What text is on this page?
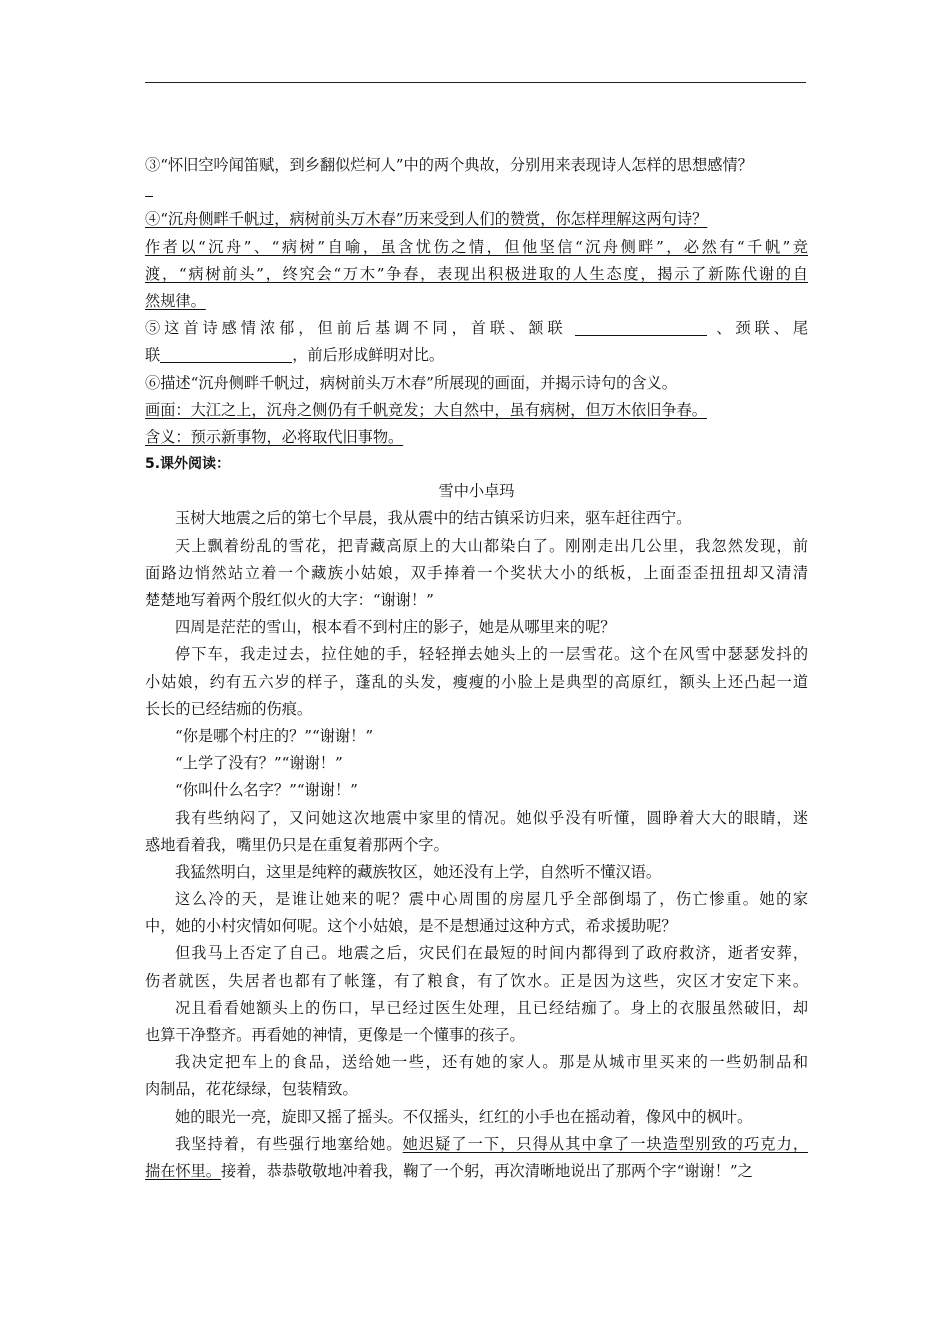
③“怀旧空吟闻笛赋，到乡翻似烂柯人”中的两个典故，分别用来表现诗人怎样的思想感情？
④“沉舟侧畔千帆过，病树前头万木春”历来受到人们的赞赏，你怎样理解这两句诗？
作者以“沉舟”、“病树”自喻，虽含忧伤之情，但他坚信“沉舟侧畔”，必然有“千帆”竞
渡，“病树前头”，终究会“万木”争春，表现出积极进取的人生态度，揭示了新陈代谢的自
然规律。
⑤这首诗感情浓郁，但前后基调不同，首联、颔联	、颈联、尾
联	，前后形成鲜明对比。
⑥描述“沉舟侧畔千帆过，病树前头万木春”所展现的画面，并揭示诗句的含义。
画面：大江之上，沉舟之侧仍有千帆竞发；大自然中，虽有病树，但万木依旧争春。
含义：预示新事物，必将取代旧事物。
5.课外阅读：
雪中小卓玛
玉树大地震之后的第七个早晨，我从震中的结古镇采访归来，驱车赶往西宁。
天上飘着纷乱的雪花，把青藏高原上的大山都染白了。刚刚走出几公里，我忽然发现，前
面路边悄然站立着一个藏族小姑娘，双手捧着一个奖状大小的纸板，上面歪歪扭扭却又清清
楚楚地写着两个殷红似火的大字：“谢谢！”
四周是茫茫的雪山，根本看不到村庄的影子，她是从哪里来的呢？
停下车，我走过去，拉住她的手，轻轻掸去她头上的一层雪花。这个在风雪中瑟瑟发抖的
小姑娘，约有五六岁的样子，蓬乱的头发，瘦瘦的小脸上是典型的高原红，额头上还凸起一道
长长的已经结痂的伤痕。
“你是哪个村庄的？”“谢谢！”
“上学了没有？”“谢谢！”
“你叫什么名字？”“谢谢！”
我有些纳闷了，又问她这次地震中家里的情况。她似乎没有听懂，圆睁着大大的眼睛，迷
惑地看着我，嘴里仍只是在重复着那两个字。
我猛然明白，这里是纯粹的藏族牧区，她还没有上学，自然听不懂汉语。
这么冷的天，是谁让她来的呢？震中心周围的房屋几乎全部倒塌了，伤亡惨重。她的家
中，她的小村灾情如何呢。这个小姑娘，是不是想通过这种方式，希求援助呢？
但我马上否定了自己。地震之后，灾民们在最短的时间内都得到了政府救济，逝者安葬，
伤者就医，失居者也都有了帐篷，有了粮食，有了饮水。正是因为这些，灾区才安定下来。
况且看看她额头上的伤口，早已经过医生处理，且已经结痂了。身上的衣服虽然破旧，却
也算干净整齐。再看她的神情，更像是一个懂事的孩子。
我决定把车上的食品，送给她一些，还有她的家人。那是从城市里买来的一些奶制品和
肉制品，花花绿绿，包装精致。
她的眼光一亮，旋即又摇了摇头。不仅摇头，红红的小手也在摇动着，像风中的枫叶。
我坚持着，有些强行地塞给她。她迟疑了一下，只得从其中拿了一块造型别致的巧克力，
揣在怀里。接着，恭恭敬敬地冲着我，鞠了一个躬，再次清晰地说出了那两个字“谢谢！”之
